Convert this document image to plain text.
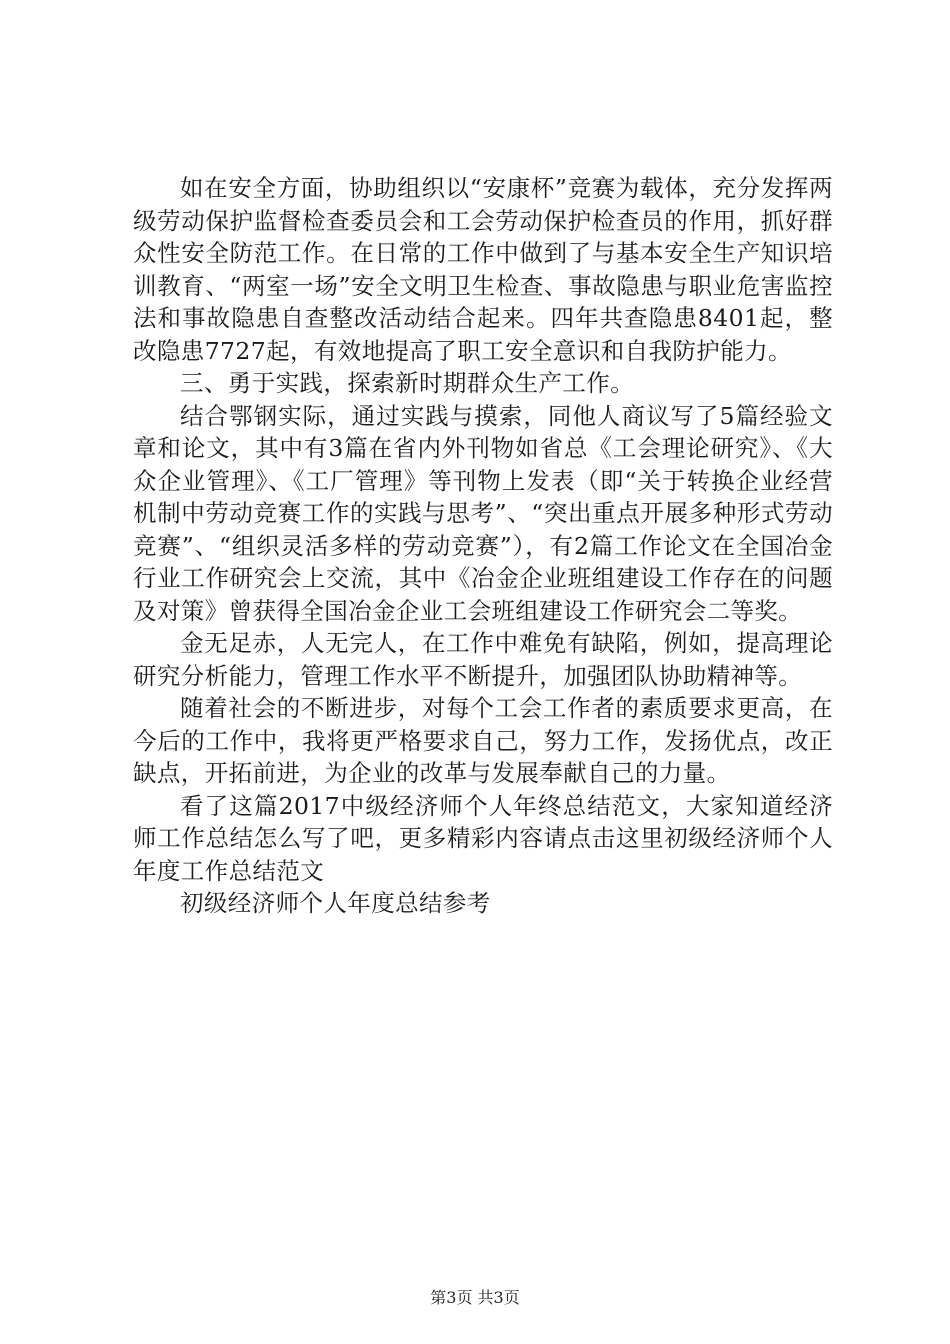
如在安全方面，协助组织以“安康杯”竞赛为载体，充分发挥两级劳动保护监督检查委员会和工会劳动保护检查员的作用，抓好群众性安全防范工作。在日常的工作中做到了与基本安全生产知识培训教育、“两室一场”安全文明卫生检查、事故隐患与职业危害监控法和事故隐患自查整改活动结合起来。四年共查隐患8401起，整改隐患7727起，有效地提高了职工安全意识和自我防护能力。

三、勇于实践，探索新时期群众生产工作。

结合鄂钢实际，通过实践与摸索，同他人商议写了5篇经验文章和论文，其中有3篇在省内外刊物如省总《工会理论研究》、《大众企业管理》、《工厂管理》等刊物上发表（即“关于转换企业经营机制中劳动竞赛工作的实践与思考”、“突出重点开展多种形式劳动竞赛”、“组织灵活多样的劳动竞赛”），有2篇工作论文在全国冶金行业工作研究会上交流，其中《冶金企业班组建设工作存在的问题及对策》曾获得全国冶金企业工会班组建设工作研究会二等奖。

金无足赤，人无完人，在工作中难免有缺陷，例如，提高理论研究分析能力，管理工作水平不断提升，加强团队协助精神等。

随着社会的不断进步，对每个工会工作者的素质要求更高，在今后的工作中，我将更严格要求自己，努力工作，发扬优点，改正缺点，开拓前进，为企业的改革与发展奉献自己的力量。

看了这篇2017中级经济师个人年终总结范文，大家知道经济师工作总结怎么写了吧，更多精彩内容请点击这里初级经济师个人年度工作总结范文

初级经济师个人年度总结参考

第3页 共3页
